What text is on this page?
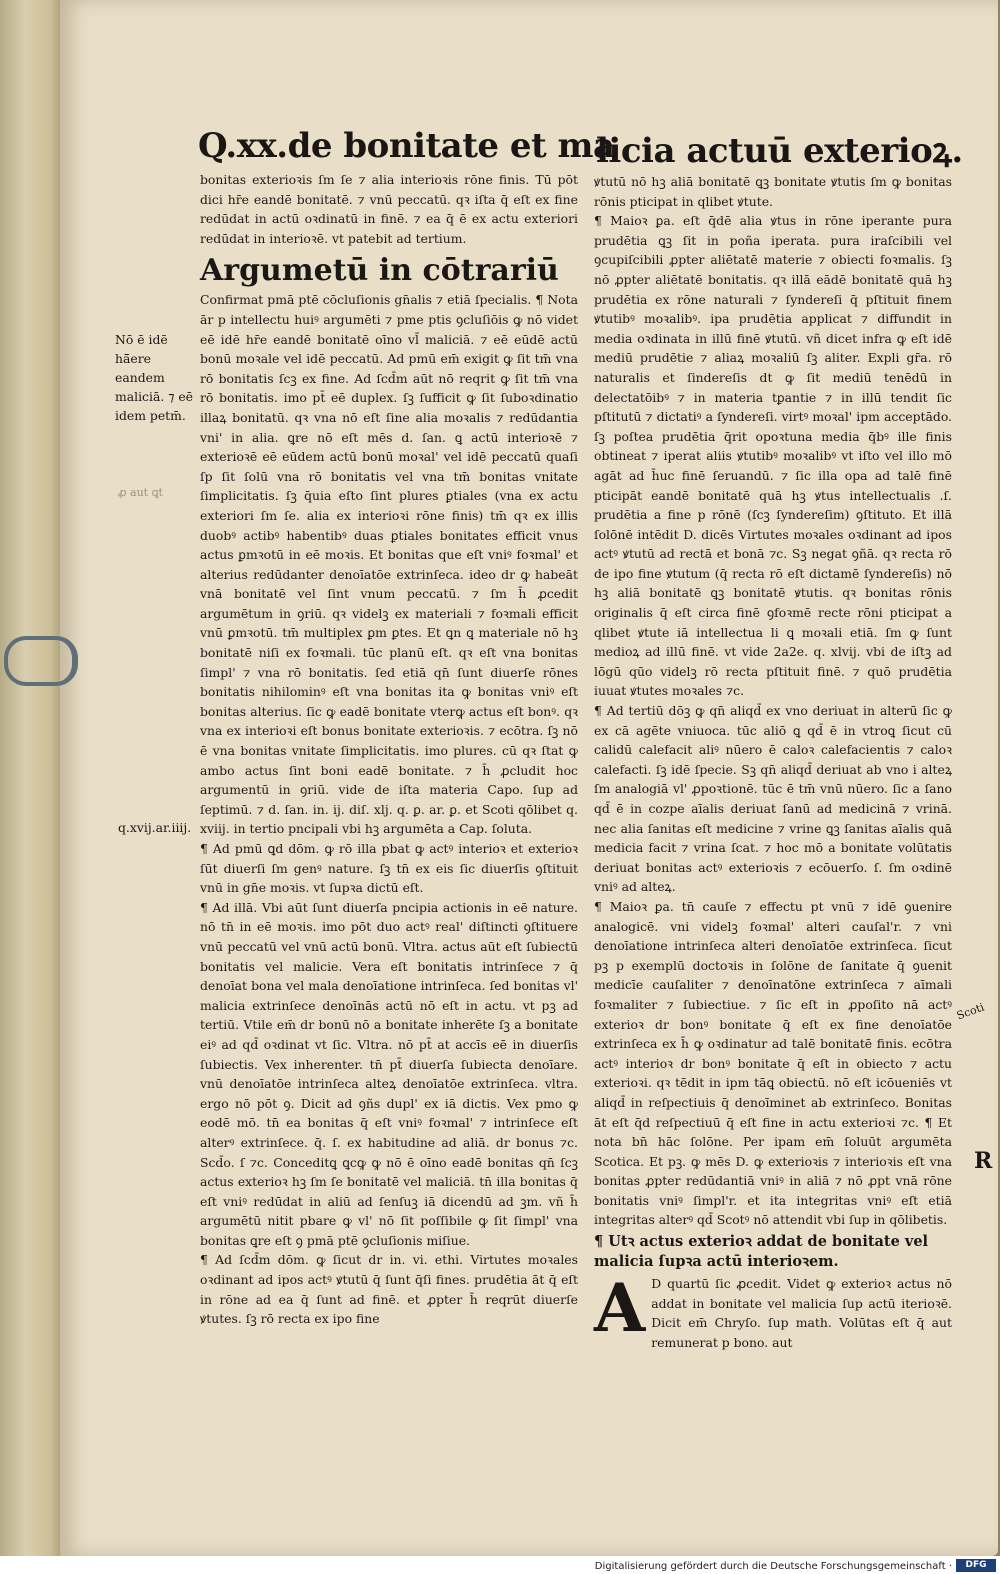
Q.xx.de bonitate et ma
licia actuū exterioꝝ.

bonitas exterioꝛis ſm ſe ⁊ alia interioꝛis rōne finis. Tū pōt dici hr̄e eandē bonitatē. ⁊ vnū peccatū. qꝛ iſta q̄ eſt ex fine redūdat in actū oꝛdinatū in finē. ⁊ ea q̄ ē ex actu exteriori redūdat in interioꝛē. vt patebit ad tertium.

Argumetū in cōtrariū

Confirmat pmā ptē cōcluſionis gn̄alis ⁊ etiā ſpecialis. ¶ Nota ār p intellectu huiꝰ argumēti ⁊ pme ptis ꝯcluſiōis ꝙ nō videt eē idē hr̄e eandē bonitatē oīno vl̄ maliciā. ⁊ eē eūdē actū bonū moꝛale vel idē peccatū. Ad pmū em̄ exigit ꝙ ſit tm̄ vna rō bonitatis ſcꝫ ex fine. Ad ſcd̄m aūt nō reqrit ꝙ ſit tm̄ vna rō bonitatis. imo pt̄ eē duplex. ſꝫ ſufficit ꝙ ſit ſuboꝛdinatio illaꝝ bonitatū. qꝛ vna nō eſt ſine alia moꝛalis ⁊ redūdantia vni' in alia. ꝗre nō eſt mēs d. ſan. ꝗ actū interioꝛē ⁊ exterioꝛē eē eūdem actū bonū moꝛal' vel idē peccatū quaſi ſp ſit ſolū vna rō bonitatis vel vna tm̄ bonitas vnitate ſimplicitatis. ſꝫ q̄uia eſto ſint plures ꝑtiales (vna ex actu exteriori ſm ſe. alia ex interioꝛi rōne finis) tm̄ qꝛ ex illis duobꝰ actibꝰ habentibꝰ duas ꝑtiales bonitates efficit vnus actus ꝑmꝛotū in eē moꝛis. Et bonitas que eſt vniꝰ foꝛmal' et alterius redūdanter denoīatōe extrinſeca. ideo dr ꝙ habeāt vnā bonitatē vel ſint vnum peccatū. ⁊ ſm h̄ ꝓcedit argumētum in ꝯriū. qꝛ videlꝫ ex materiali ⁊ foꝛmali efficit vnū ꝑmꝛotū. tm̄ multiplex ꝑm ꝑtes. Et ꝗn ꝗ materiale nō hꝫ bonitatē niſi ex foꝛmali. tūc planū eſt. qꝛ eſt vna bonitas ſimpl' ⁊ vna rō bonitatis. ſed etiā qn̄ ſunt diuerſe rōnes bonitatis nihilominꝰ eſt vna bonitas ita ꝙ bonitas vniꝰ eſt bonitas alterius. ſic ꝙ eadē bonitate vterꝙ actus eſt bonꝰ. qꝛ vna ex interioꝛi eſt bonus bonitate exterioꝛis. ⁊ ecōtra. ſꝫ nō ē vna bonitas vnitate ſimplicitatis. imo plures. cū qꝛ ſtat ꝙ ambo actus ſint boni eadē bonitate. ⁊ h̄ ꝓcludit hoc argumentū in ꝯriū. vide de iſta materia Capo. ſup ad ſeptimū. ⁊ d. ſan. in. ij. diſ. xlj. q. ꝑ. ar. ꝑ. et Scoti qōlibet q. xviij. in tertio pncipali vbi hꝫ argumēta a Cap. ſoluta.

¶ Ad pmū ꝗd dōm. ꝙ rō illa pbat ꝙ actꝰ interioꝛ et exterioꝛ ſūt diuerſi ſm genꝰ nature. ſꝫ tn̄ ex eis ſic diuerſis ꝯſtituit vnū in gn̄e moꝛis. vt ſupꝛa dictū eſt.

¶ Ad illā. Vbi aūt ſunt diuerſa pncipia actionis in eē nature. nō tn̄ in eē moꝛis. imo pōt duo actꝰ real' diſtincti ꝯſtituere vnū peccatū vel vnū actū bonū. Vltra. actus aūt eſt ſubiectū bonitatis vel malicie. Vera eſt bonitatis intrinſece ⁊ q̄ denoīat bona vel mala denoīatione intrinſeca. ſed bonitas vl' malicia extrinſece denoīnās actū nō eſt in actu. vt pꝫ ad tertiū. Vtile em̄ dr bonū nō a bonitate inherēte ſꝫ a bonitate eiꝰ ad qd̄ oꝛdinat vt ſic. Vltra. nō pt̄ at accīs eē in diuerſis ſubiectis. Vex inherenter. tn̄ pt̄ diuerſa ſubiecta denoīare. vnū denoīatōe intrinſeca alteꝝ denoīatōe extrinſeca. vltra. ergo nō pōt ꝯ. Dicit ad ꝯñs dupl' ex iā dictis. Vex pmo ꝙ eodē mō. tn̄ ea bonitas q̄ eſt vniꝰ foꝛmal' ⁊ intrinſece eſt alterꝰ extrinſece. q̄. ſ. ex habitudine ad aliā. dr bonus ⁊c. Scd̄o. ſ ⁊c. Conceditꝗ ꝗcꝙ ꝙ nō ē oīno eadē bonitas qn̄ ſcꝫ actus exterioꝛ hꝫ ſm ſe bonitatē vel maliciā. tn̄ illa bonitas q̄ eſt vniꝰ redūdat in aliū ad ſenſuꝫ iā dicendū ad ꝫm. vñ h̄ argumētū nitit pbare ꝙ vl' nō ſit poſſibile ꝙ ſit ſimpl' vna bonitas ꝗre eſt ꝯ pmā ptē ꝯcluſionis miſiue.

¶ Ad ſcd̄m dōm. ꝙ ſicut dr in. vi. ethi. Virtutes moꝛales oꝛdinant ad ipos actꝰ ꝟtutū q̄ ſunt q̄ſi fines. prudētia āt q̄ eſt in rōne ad ea q̄ ſunt ad finē. et ꝓpter h̄ reqrūt diuerſe ꝟtutes. ſꝫ rō recta ex ipo fine

ꝟtutū nō hꝫ aliā bonitatē ꝗꝫ bonitate ꝟtutis ſm ꝙ bonitas rōnis pticipat in qlibet ꝟtute.

¶ Maioꝛ ꝑa. eſt q̄dē alia ꝟtus in rōne iperante pura prudētia ꝗꝫ ſit in poña iperata. pura iraſcibili vel ꝯcupiſcibili ꝓpter aliētatē materie ⁊ obiecti foꝛmalis. ſꝫ nō ꝓpter aliētatē bonitatis. qꝛ illā eādē bonitatē quā hꝫ prudētia ex rōne naturali ⁊ ſyndereſi q̄ pſtituit finem ꝟtutibꝰ moꝛalibꝰ. ipa prudētia applicat ⁊ diffundit in media oꝛdinata in illū finē ꝟtutū. vñ dicet infra ꝙ eſt idē mediū prudētie ⁊ aliaꝝ moꝛaliū ſꝫ aliter. Expli gr̄a. rō naturalis et ſindereſis dt ꝙ ſit mediū tenēdū in delectatōibꝰ ⁊ in materia tꝑantie ⁊ in illū tendit ſic pſtitutū ⁊ dictatiꝰ a ſyndereſi. virtꝰ moꝛal' ipm acceptādo. ſꝫ poſtea prudētia q̄rit opoꝛtuna media q̄bꝰ ille finis obtineat ⁊ iperat aliis ꝟtutibꝰ moꝛalibꝰ vt iſto vel illo mō agāt ad h̄uc finē ſeruandū. ⁊ ſic illa opa ad talē finē pticipāt eandē bonitatē quā hꝫ ꝟtus intellectualis .ſ. prudētia a fine p rōnē (ſcꝫ ſyndereſim) ꝯſtituto. Et illā ſolōnē intēdit D. dicēs Virtutes moꝛales oꝛdinant ad ipos actꝰ ꝟtutū ad rectā et bonā ⁊c. Sꝫ negat ꝯñā. qꝛ recta rō de ipo fine ꝟtutum (q̄ recta rō eſt dictamē ſyndereſis) nō hꝫ aliā bonitatē ꝗꝫ bonitatē ꝟtutis. qꝛ bonitas rōnis originalis q̄ eſt circa finē ꝯfoꝛmē recte rōni pticipat a qlibet ꝟtute iā intellectua li ꝗ moꝛali etiā. ſm ꝙ ſunt medioꝝ ad illū finē. vt vide 2a2e. q. xlvij. vbi de iſtꝫ ad lōgū qūo videlꝫ rō recta pſtituit finē. ⁊ quō prudētia iuuat ꝟtutes moꝛales ⁊c.

¶ Ad tertiū dōꝫ ꝙ qn̄ aliqd̄ ex vno deriuat in alterū ſic ꝙ ex cā agēte vniuoca. tūc aliō ꝗ qd̄ ē in vtroꝗ ſicut cū calidū calefacit aliꝰ nūero ē caloꝛ calefacientis ⁊ caloꝛ calefacti. ſꝫ idē ſpecie. Sꝫ qn̄ aliqd̄ deriuat ab vno i alteꝝ ſm analogiā vl' ꝓpoꝛtionē. tūc ē tm̄ vnū nūero. ſic a ſano qd̄ ē in cozpe aīalis deriuat ſanū ad medicinā ⁊ vrinā. nec alia ſanitas eſt medicine ⁊ vrine ꝗꝫ ſanitas aīalis quā medicia facit ⁊ vrina ſcat. ⁊ hoc mō a bonitate volūtatis deriuat bonitas actꝰ exterioꝛis ⁊ ecōuerſo. ſ. ſm oꝛdinē vniꝰ ad alteꝝ.

¶ Maioꝛ ꝑa. tn̄ cauſe ⁊ effectu pt vnū ⁊ idē ꝯuenire analogicē. vni videlꝫ foꝛmal' alteri cauſal'r. ⁊ vni denoīatione intrinſeca alteri denoīatōe extrinſeca. ſicut pꝫ p exemplū doctoꝛis in ſolōne de ſanitate q̄ ꝯuenit medicīe cauſaliter ⁊ denoīnatōne extrinſeca ⁊ aīmali foꝛmaliter ⁊ ſubiectiue. ⁊ ſic eſt in ꝓpoſito nā actꝰ exterioꝛ dr bonꝰ bonitate q̄ eſt ex fine denoīatōe extrinſeca ex h̄ ꝙ oꝛdinatur ad talē bonitatē finis. ecōtra actꝰ interioꝛ dr bonꝰ bonitate q̄ eſt in obiecto ⁊ actu exterioꝛi. qꝛ tēdit in ipm tāꝗ obiectū. nō eſt icōueniēs vt aliqd̄ in reſpectiuis q̄ denoīminet ab extrinſeco. Bonitas āt eſt q̄d reſpectiuū q̄ eſt fine in actu exterioꝛi ⁊c. ¶ Et nota bn̄ hāc ſolōne. Per ipam em̄ ſoluūt argumēta Scotica. Et pꝫ. ꝙ mēs D. ꝙ exterioꝛis ⁊ interioꝛis eſt vna bonitas ꝓpter redūdantiā vniꝰ in aliā ⁊ nō ꝓpt vnā rōne bonitatis vniꝰ ſimpl'r. et ita integritas vniꝰ eſt etiā integritas alterꝰ qd̄ Scotꝰ nō attendit vbi ſup in qōlibetis.

¶ Utꝛ actus exterioꝛ addat de bonitate vel malicia ſupꝛa actū interioꝛem.

A D quartū ſic ꝓcedit. Videt ꝙ exterioꝛ actus nō addat in bonitate vel malicia ſup actū iterioꝛē. Dicit em̄ Chryſo. ſup math. Volūtas eſt q̄ aut remunerat p bono. aut

Nō ē idē hā̄ere eandem maliciā. ⁊ eē idem petm̄.
q.xvij.ar.iiij.
Scoti
R
ꝓ aut ꝗt
Digitalisierung gefördert durch die Deutsche Forschungsgemeinschaft ·	DFG
